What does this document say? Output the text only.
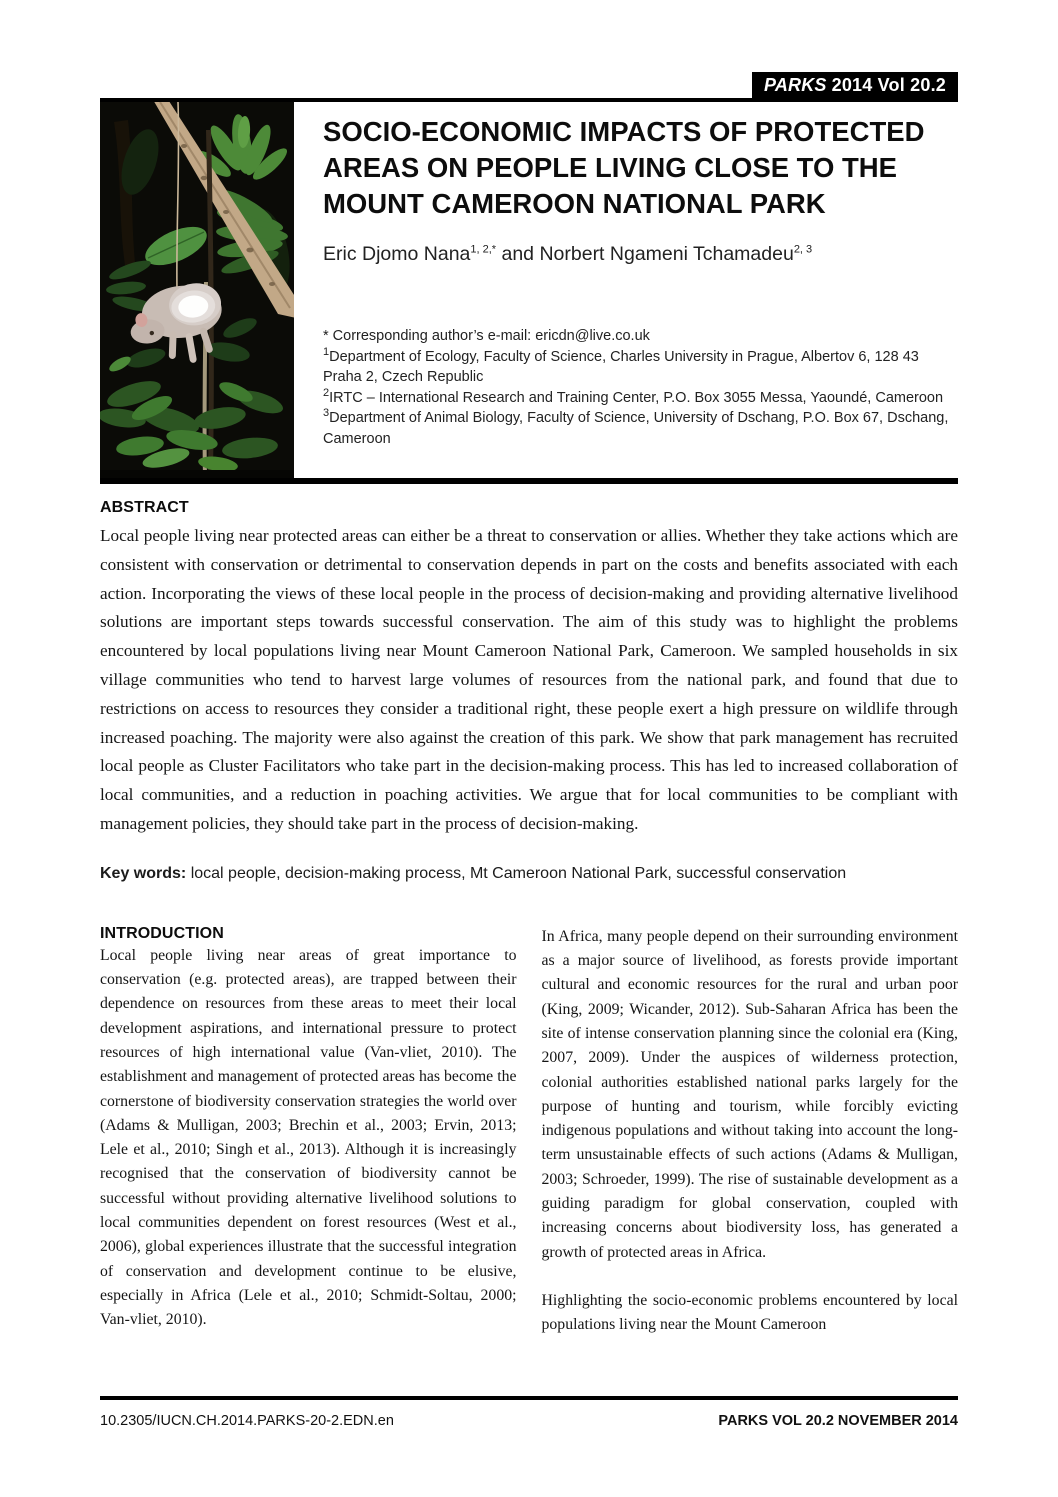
PARKS 2014 Vol 20.2
SOCIO-ECONOMIC IMPACTS OF PROTECTED AREAS ON PEOPLE LIVING CLOSE TO THE MOUNT CAMEROON NATIONAL PARK
Eric Djomo Nana$^{1, 2,*}$ and Norbert Ngameni Tchamadeu$^{2, 3}$
* Corresponding author’s e-mail: ericdn@live.co.uk
$^1$Department of Ecology, Faculty of Science, Charles University in Prague, Albertov 6, 128 43 Praha 2, Czech Republic
$^2$IRTC – International Research and Training Center, P.O. Box 3055 Messa, Yaoundé, Cameroon
$^3$Department of Animal Biology, Faculty of Science, University of Dschang, P.O. Box 67, Dschang, Cameroon
ABSTRACT
Local people living near protected areas can either be a threat to conservation or allies. Whether they take actions which are consistent with conservation or detrimental to conservation depends in part on the costs and benefits associated with each action. Incorporating the views of these local people in the process of decision-making and providing alternative livelihood solutions are important steps towards successful conservation. The aim of this study was to highlight the problems encountered by local populations living near Mount Cameroon National Park, Cameroon. We sampled households in six village communities who tend to harvest large volumes of resources from the national park, and found that due to restrictions on access to resources they consider a traditional right, these people exert a high pressure on wildlife through increased poaching. The majority were also against the creation of this park. We show that park management has recruited local people as Cluster Facilitators who take part in the decision-making process. This has led to increased collaboration of local communities, and a reduction in poaching activities. We argue that for local communities to be compliant with management policies, they should take part in the process of decision-making.
Key words: local people, decision-making process, Mt Cameroon National Park, successful conservation
INTRODUCTION
Local people living near areas of great importance to conservation (e.g. protected areas), are trapped between their dependence on resources from these areas to meet their local development aspirations, and international pressure to protect resources of high international value (Van-vliet, 2010). The establishment and management of protected areas has become the cornerstone of biodiversity conservation strategies the world over (Adams & Mulligan, 2003; Brechin et al., 2003; Ervin, 2013; Lele et al., 2010; Singh et al., 2013). Although it is increasingly recognised that the conservation of biodiversity cannot be successful without providing alternative livelihood solutions to local communities dependent on forest resources (West et al., 2006), global experiences illustrate that the successful integration of conservation and development continue to be elusive, especially in Africa (Lele et al., 2010; Schmidt-Soltau, 2000; Van-vliet, 2010).
In Africa, many people depend on their surrounding environment as a major source of livelihood, as forests provide important cultural and economic resources for the rural and urban poor (King, 2009; Wicander, 2012). Sub-Saharan Africa has been the site of intense conservation planning since the colonial era (King, 2007, 2009). Under the auspices of wilderness protection, colonial authorities established national parks largely for the purpose of hunting and tourism, while forcibly evicting indigenous populations and without taking into account the long-term unsustainable effects of such actions (Adams & Mulligan, 2003; Schroeder, 1999). The rise of sustainable development as a guiding paradigm for global conservation, coupled with increasing concerns about biodiversity loss, has generated a growth of protected areas in Africa.
Highlighting the socio-economic problems encountered by local populations living near the Mount Cameroon
10.2305/IUCN.CH.2014.PARKS-20-2.EDN.en	PARKS VOL 20.2 NOVEMBER 2014
